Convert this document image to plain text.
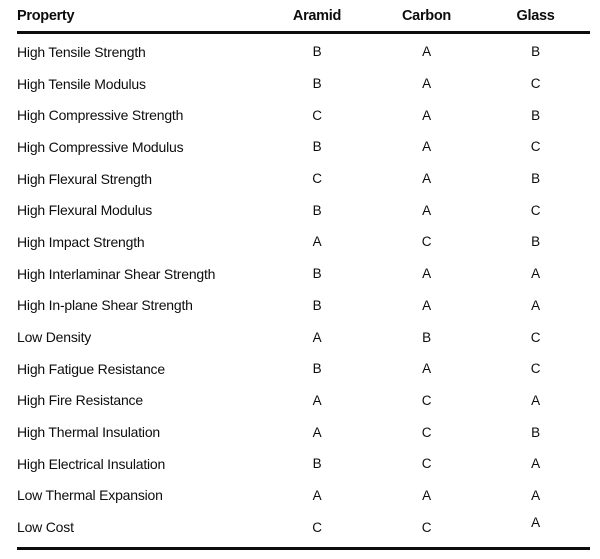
Property	Aramid	Carbon	Glass
High Tensile Strength	B	A	B
High Tensile Modulus	B	A	C
High Compressive Strength	C	A	B
High Compressive Modulus	B	A	C
High Flexural Strength	C	A	B
High Flexural Modulus	B	A	C
High Impact Strength	A	C	B
High Interlaminar Shear Strength	B	A	A
High In-plane Shear Strength	B	A	A
Low Density	A	B	C
High Fatigue Resistance	B	A	C
High Fire Resistance	A	C	A
High Thermal Insulation	A	C	B
High Electrical Insulation	B	C	A
Low Thermal Expansion	A	A	A
Low Cost	C	C	A
